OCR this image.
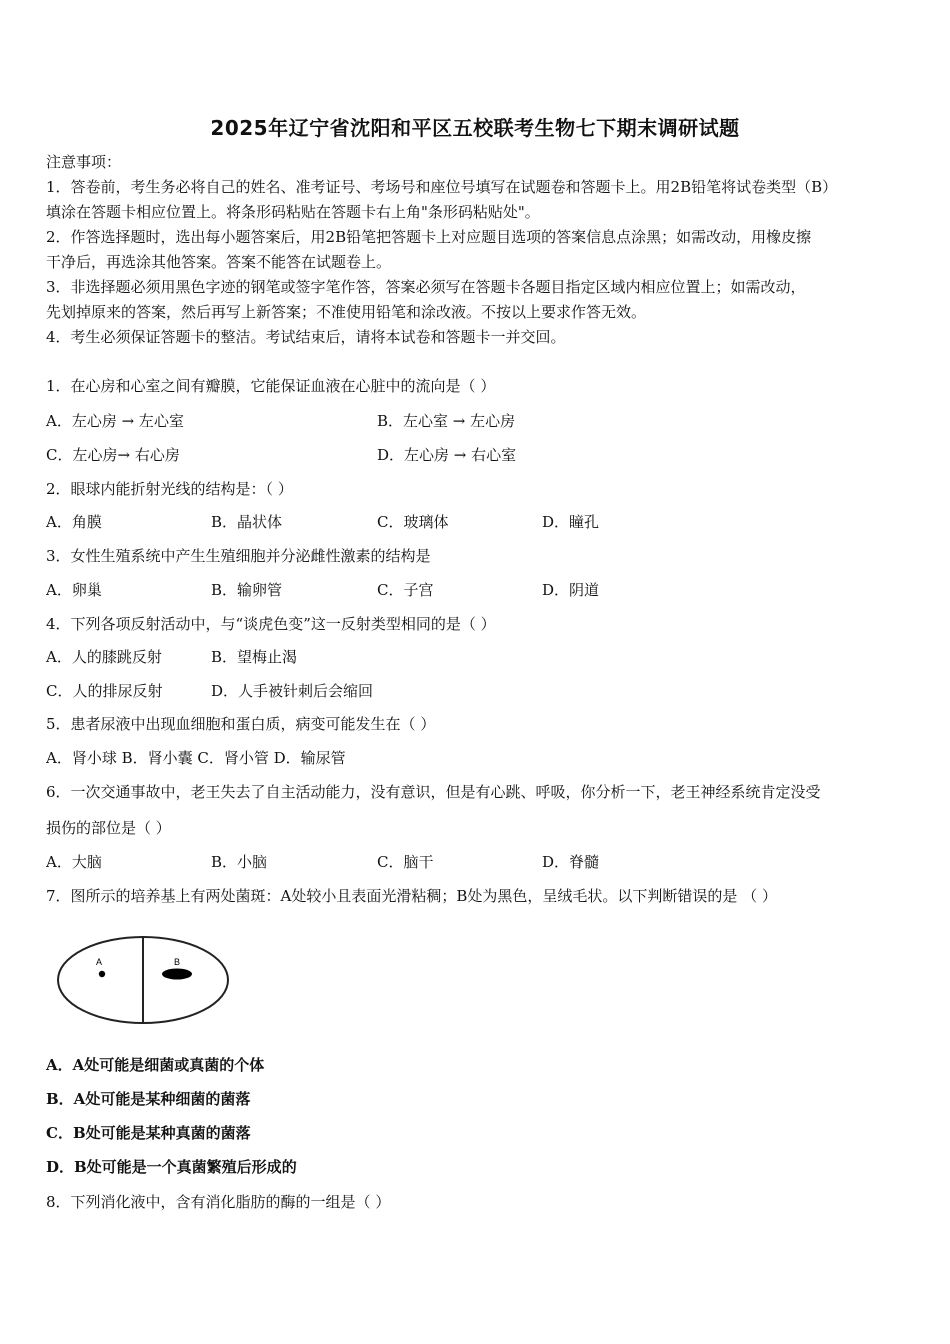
2025年辽宁省沈阳和平区五校联考生物七下期末调研试题
注意事项：
1．答卷前，考生务必将自己的姓名、准考证号、考场号和座位号填写在试题卷和答题卡上。用2B铅笔将试卷类型（B）
填涂在答题卡相应位置上。将条形码粘贴在答题卡右上角"条形码粘贴处"。
2．作答选择题时，选出每小题答案后，用2B铅笔把答题卡上对应题目选项的答案信息点涂黑；如需改动，用橡皮擦
干净后，再选涂其他答案。答案不能答在试题卷上。
3．非选择题必须用黑色字迹的钢笔或签字笔作答，答案必须写在答题卡各题目指定区域内相应位置上；如需改动，
先划掉原来的答案，然后再写上新答案；不准使用铅笔和涂改液。不按以上要求作答无效。
4．考生必须保证答题卡的整洁。考试结束后，请将本试卷和答题卡一并交回。
1．在心房和心室之间有瓣膜，它能保证血液在心脏中的流向是（ ）
A．左心房 → 左心室	B．左心室 → 左心房
C．左心房→ 右心房	D．左心房 → 右心室
2．眼球内能折射光线的结构是：（ ）
A．角膜	B．晶状体	C．玻璃体	D．瞳孔
3．女性生殖系统中产生生殖细胞并分泌雌性激素的结构是
A．卵巢	B．输卵管	C．子宫	D．阴道
4．下列各项反射活动中，与“谈虎色变”这一反射类型相同的是（ ）
A．人的膝跳反射	B．望梅止渴
C．人的排尿反射	D．人手被针刺后会缩回
5．患者尿液中出现血细胞和蛋白质，病变可能发生在（ ）
A．肾小球 B．肾小囊 C．肾小管 D．输尿管
6．一次交通事故中，老王失去了自主活动能力，没有意识，但是有心跳、呼吸，你分析一下，老王神经系统肯定没受
损伤的部位是（ ）
A．大脑	B．小脑	C．脑干	D．脊髓
7．图所示的培养基上有两处菌斑：A处较小且表面光滑粘稠；B处为黑色，呈绒毛状。以下判断错误的是 （ ）
A	B
A．A处可能是细菌或真菌的个体
B．A处可能是某种细菌的菌落
C．B处可能是某种真菌的菌落
D．B处可能是一个真菌繁殖后形成的
8．下列消化液中，含有消化脂肪的酶的一组是（ ）
